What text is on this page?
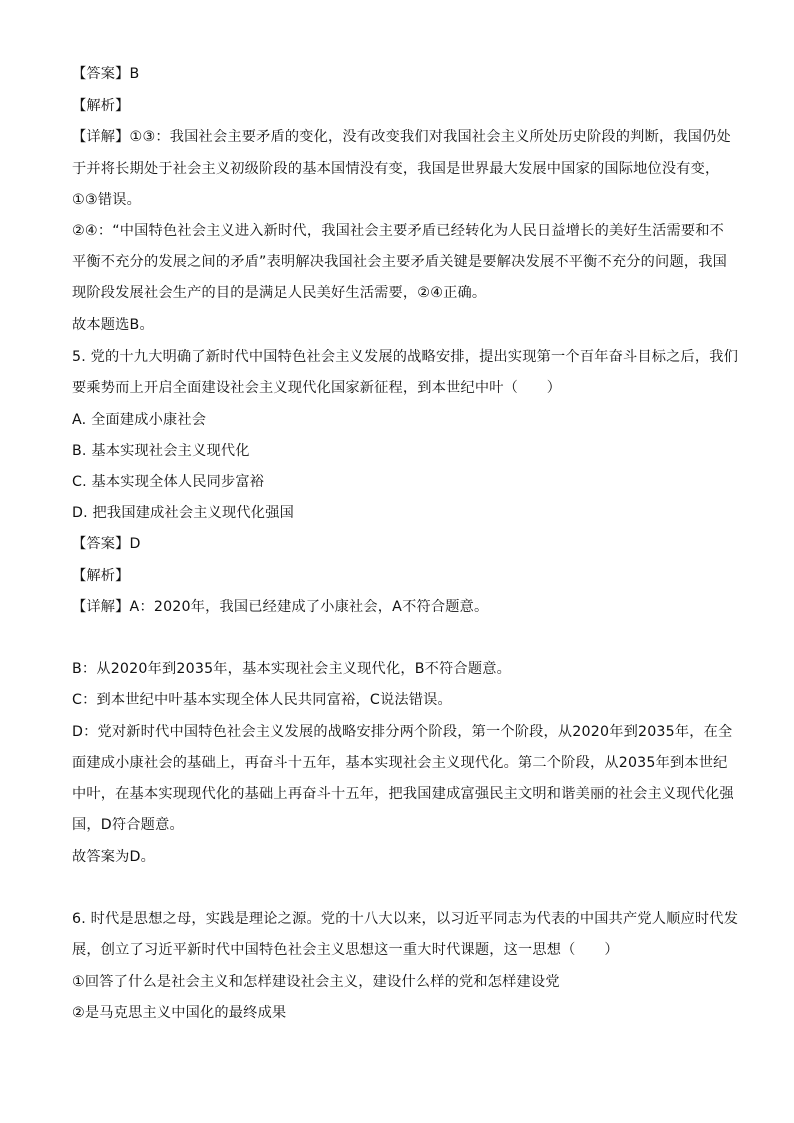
【答案】B
【解析】
【详解】①③：我国社会主要矛盾的变化，没有改变我们对我国社会主义所处历史阶段的判断，我国仍处
于并将长期处于社会主义初级阶段的基本国情没有变，我国是世界最大发展中国家的国际地位没有变，
①③错误。
②④：“中国特色社会主义进入新时代，我国社会主要矛盾已经转化为人民日益增长的美好生活需要和不
平衡不充分的发展之间的矛盾”表明解决我国社会主要矛盾关键是要解决发展不平衡不充分的问题，我国
现阶段发展社会生产的目的是满足人民美好生活需要，②④正确。
故本题选B。
5. 党的十九大明确了新时代中国特色社会主义发展的战略安排，提出实现第一个百年奋斗目标之后，我们
要乘势而上开启全面建设社会主义现代化国家新征程，到本世纪中叶（　　）
A. 全面建成小康社会
B. 基本实现社会主义现代化
C. 基本实现全体人民同步富裕
D. 把我国建成社会主义现代化强国
【答案】D
【解析】
【详解】A：2020年，我国已经建成了小康社会，A不符合题意。
B：从2020年到2035年，基本实现社会主义现代化，B不符合题意。
C：到本世纪中叶基本实现全体人民共同富裕，C说法错误。
D：党对新时代中国特色社会主义发展的战略安排分两个阶段，第一个阶段，从2020年到2035年，在全
面建成小康社会的基础上，再奋斗十五年，基本实现社会主义现代化。第二个阶段，从2035年到本世纪
中叶，在基本实现现代化的基础上再奋斗十五年，把我国建成富强民主文明和谐美丽的社会主义现代化强
国，D符合题意。
故答案为D。
6. 时代是思想之母，实践是理论之源。党的十八大以来，以习近平同志为代表的中国共产党人顺应时代发
展，创立了习近平新时代中国特色社会主义思想这一重大时代课题，这一思想（　　）
①回答了什么是社会主义和怎样建设社会主义，建设什么样的党和怎样建设党
②是马克思主义中国化的最终成果
